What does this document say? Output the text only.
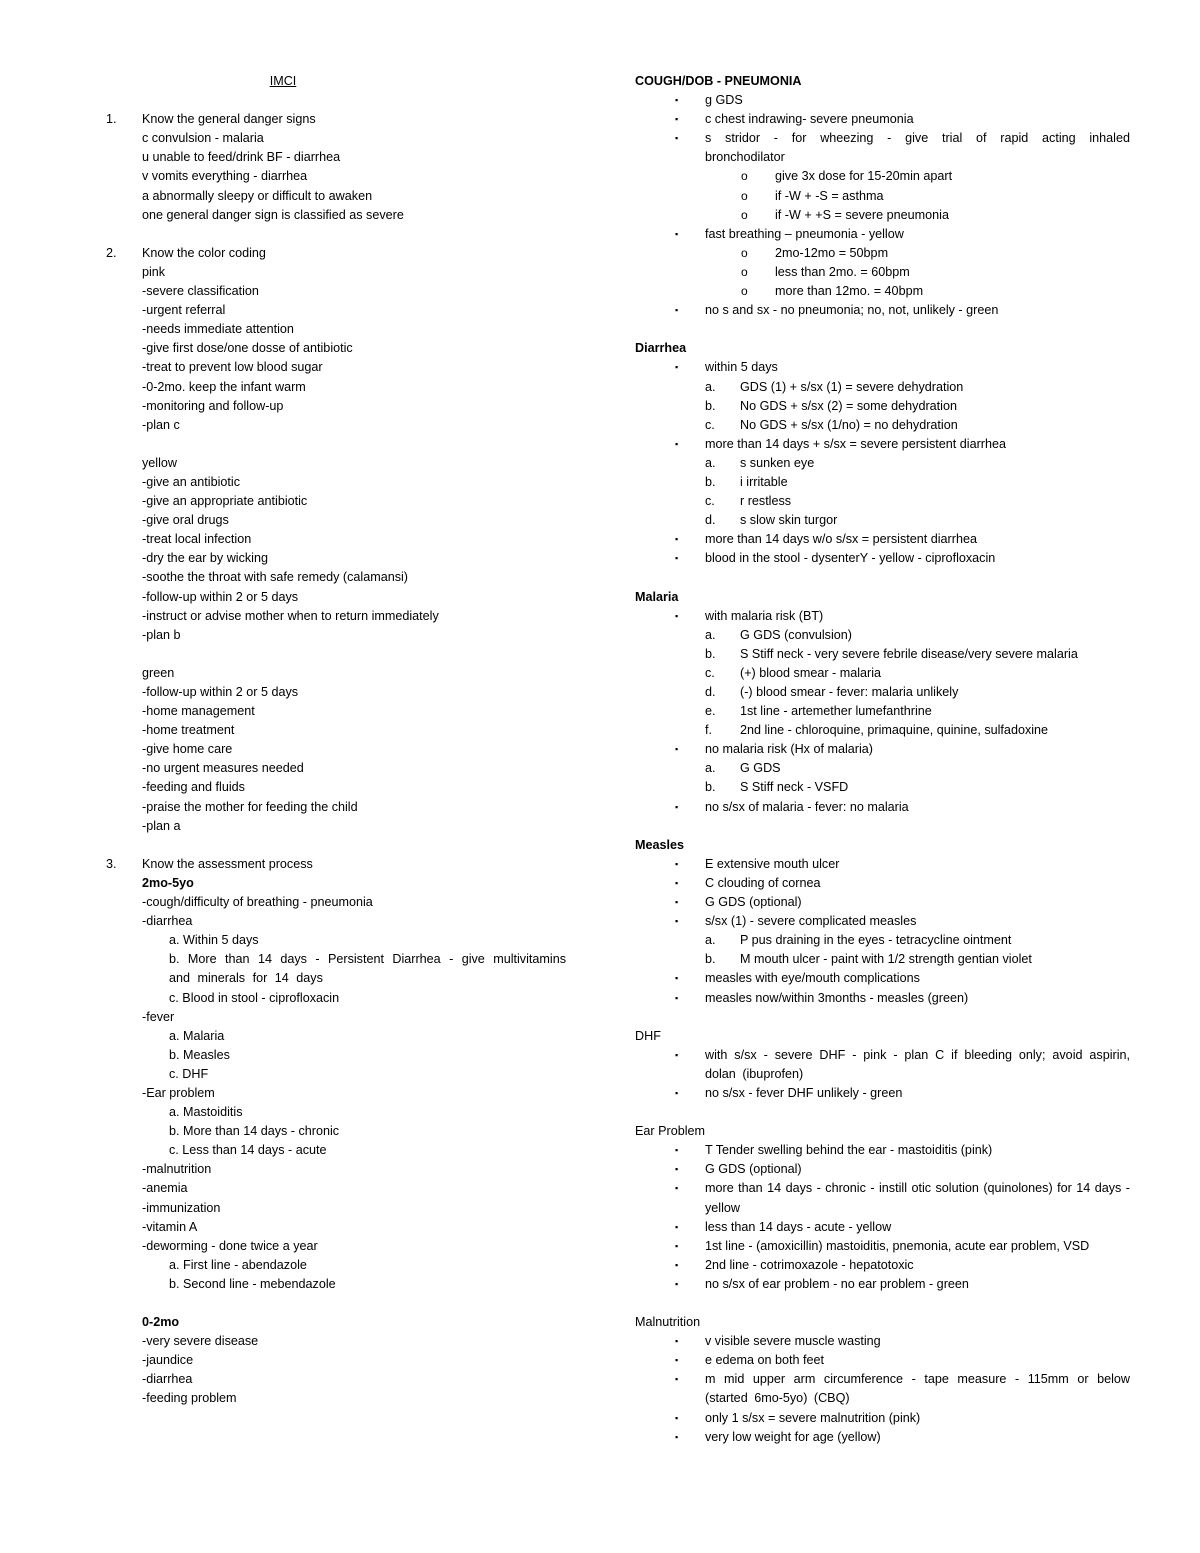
IMCI
1.	Know the general danger signs
c convulsion - malaria
u unable to feed/drink BF - diarrhea
v vomits everything - diarrhea
a abnormally sleepy or difficult to awaken
one general danger sign is classified as severe
2.	Know the color coding
pink
-severe classification
-urgent referral
-needs immediate attention
-give first dose/one dosse of antibiotic
-treat to prevent low blood sugar
-0-2mo. keep the infant warm
-monitoring and follow-up
-plan c
yellow
-give an antibiotic
-give an appropriate antibiotic
-give oral drugs
-treat local infection
-dry the ear by wicking
-soothe the throat with safe remedy (calamansi)
-follow-up within 2 or 5 days
-instruct or advise mother when to return immediately
-plan b
green
-follow-up within 2 or 5 days
-home management
-home treatment
-give home care
-no urgent measures needed
-feeding and fluids
-praise the mother for feeding the child
-plan a
3.	Know the assessment process
2mo-5yo
-cough/difficulty of breathing - pneumonia
-diarrhea
a. Within 5 days
b. More than 14 days - Persistent Diarrhea - give multivitamins and minerals for 14 days
c. Blood in stool - ciprofloxacin
-fever
a. Malaria
b. Measles
c. DHF
-Ear problem
a. Mastoiditis
b. More than 14 days - chronic
c. Less than 14 days - acute
-malnutrition
-anemia
-immunization
-vitamin A
-deworming - done twice a year
a. First line - abendazole
b. Second line - mebendazole
0-2mo
-very severe disease
-jaundice
-diarrhea
-feeding problem
COUGH/DOB - PNEUMONIA
▪ g GDS
▪ c chest indrawing- severe pneumonia
▪ s stridor - for wheezing - give trial of rapid acting inhaled bronchodilator
o give 3x dose for 15-20min apart
o if -W + -S = asthma
o if -W + +S = severe pneumonia
▪ fast breathing – pneumonia - yellow
o 2mo-12mo = 50bpm
o less than 2mo. = 60bpm
o more than 12mo. = 40bpm
▪ no s and sx - no pneumonia; no, not, unlikely - green
Diarrhea
▪ within 5 days
a. GDS (1) + s/sx (1) = severe dehydration
b. No GDS + s/sx (2) = some dehydration
c. No GDS + s/sx (1/no) = no dehydration
▪ more than 14 days + s/sx = severe persistent diarrhea
a. s sunken eye
b. i irritable
c. r restless
d. s slow skin turgor
▪ more than 14 days w/o s/sx = persistent diarrhea
▪ blood in the stool - dysenterY - yellow - ciprofloxacin
Malaria
▪ with malaria risk (BT)
a. G GDS (convulsion)
b. S Stiff neck - very severe febrile disease/very severe malaria
c. (+) blood smear - malaria
d. (-) blood smear - fever: malaria unlikely
e. 1st line - artemether lumefanthrine
f. 2nd line - chloroquine, primaquine, quinine, sulfadoxine
▪ no malaria risk (Hx of malaria)
a. G GDS
b. S Stiff neck - VSFD
▪ no s/sx of malaria - fever: no malaria
Measles
▪ E extensive mouth ulcer
▪ C clouding of cornea
▪ G GDS (optional)
▪ s/sx (1) - severe complicated measles
a. P pus draining in the eyes - tetracycline ointment
b. M mouth ulcer - paint with 1/2 strength gentian violet
▪ measles with eye/mouth complications
▪ measles now/within 3months - measles (green)
DHF
▪ with s/sx - severe DHF - pink - plan C if bleeding only; avoid aspirin, dolan (ibuprofen)
▪ no s/sx - fever DHF unlikely - green
Ear Problem
▪ T Tender swelling behind the ear - mastoiditis (pink)
▪ G GDS (optional)
▪ more than 14 days - chronic - instill otic solution (quinolones) for 14 days - yellow
▪ less than 14 days - acute - yellow
▪ 1st line - (amoxicillin) mastoiditis, pnemonia, acute ear problem, VSD
▪ 2nd line - cotrimoxazole - hepatotoxic
▪ no s/sx of ear problem - no ear problem - green
Malnutrition
▪ v visible severe muscle wasting
▪ e edema on both feet
▪ m mid upper arm circumference - tape measure - 115mm or below (started 6mo-5yo) (CBQ)
▪ only 1 s/sx = severe malnutrition (pink)
▪ very low weight for age (yellow)
